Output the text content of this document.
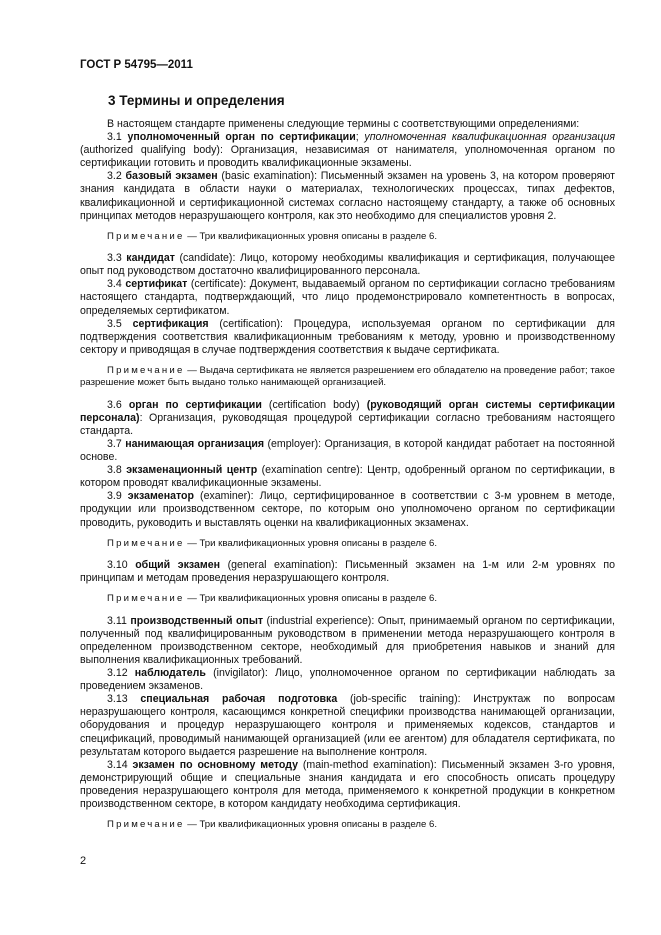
ГОСТ Р 54795—2011
3 Термины и определения

В настоящем стандарте применены следующие термины с соответствующими определениями:

3.1 уполномоченный орган по сертификации; уполномоченная квалификационная организация (authorized qualifying body): Организация, независимая от нанимателя, уполномоченная органом по сертификации готовить и проводить квалификационные экзамены.

3.2 базовый экзамен (basic examination): Письменный экзамен на уровень 3, на котором проверяют знания кандидата в области науки о материалах, технологических процессах, типах дефектов, квалификационной и сертификационной системах согласно настоящему стандарту, а также об основных принципах методов неразрушающего контроля, как это необходимо для специалистов уровня 2.

Примечание — Три квалификационных уровня описаны в разделе 6.

3.3 кандидат (candidate): Лицо, которому необходимы квалификация и сертификация, получающее опыт под руководством достаточно квалифицированного персонала.

3.4 сертификат (certificate): Документ, выдаваемый органом по сертификации согласно требованиям настоящего стандарта, подтверждающий, что лицо продемонстрировало компетентность в вопросах, определяемых сертификатом.

3.5 сертификация (certification): Процедура, используемая органом по сертификации для подтверждения соответствия квалификационным требованиям к методу, уровню и производственному сектору и приводящая в случае подтверждения соответствия к выдаче сертификата.

Примечание — Выдача сертификата не является разрешением его обладателю на проведение работ; такое разрешение может быть выдано только нанимающей организацией.

3.6 орган по сертификации (certification body) (руководящий орган системы сертификации персонала): Организация, руководящая процедурой сертификации согласно требованиям настоящего стандарта.

3.7 нанимающая организация (employer): Организация, в которой кандидат работает на постоянной основе.

3.8 экзаменационный центр (examination centre): Центр, одобренный органом по сертификации, в котором проводят квалификационные экзамены.

3.9 экзаменатор (examiner): Лицо, сертифицированное в соответствии с 3-м уровнем в методе, продукции или производственном секторе, по которым оно уполномочено органом по сертификации проводить, руководить и выставлять оценки на квалификационных экзаменах.

Примечание — Три квалификационных уровня описаны в разделе 6.

3.10 общий экзамен (general examination): Письменный экзамен на 1-м или 2-м уровнях по принципам и методам проведения неразрушающего контроля.

Примечание — Три квалификационных уровня описаны в разделе 6.

3.11 производственный опыт (industrial experience): Опыт, принимаемый органом по сертификации, полученный под квалифицированным руководством в применении метода неразрушающего контроля в определенном производственном секторе, необходимый для приобретения навыков и знаний для выполнения квалификационных требований.

3.12 наблюдатель (invigilator): Лицо, уполномоченное органом по сертификации наблюдать за проведением экзаменов.

3.13 специальная рабочая подготовка (job-specific training): Инструктаж по вопросам неразрушающего контроля, касающимся конкретной специфики производства нанимающей организации, оборудования и процедур неразрушающего контроля и применяемых кодексов, стандартов и спецификаций, проводимый нанимающей организацией (или ее агентом) для обладателя сертификата, по результатам которого выдается разрешение на выполнение контроля.

3.14 экзамен по основному методу (main-method examination): Письменный экзамен 3-го уровня, демонстрирующий общие и специальные знания кандидата и его способность описать процедуру проведения неразрушающего контроля для метода, применяемого к конкретной продукции в конкретном производственном секторе, в котором кандидату необходима сертификация.

Примечание — Три квалификационных уровня описаны в разделе 6.

2
